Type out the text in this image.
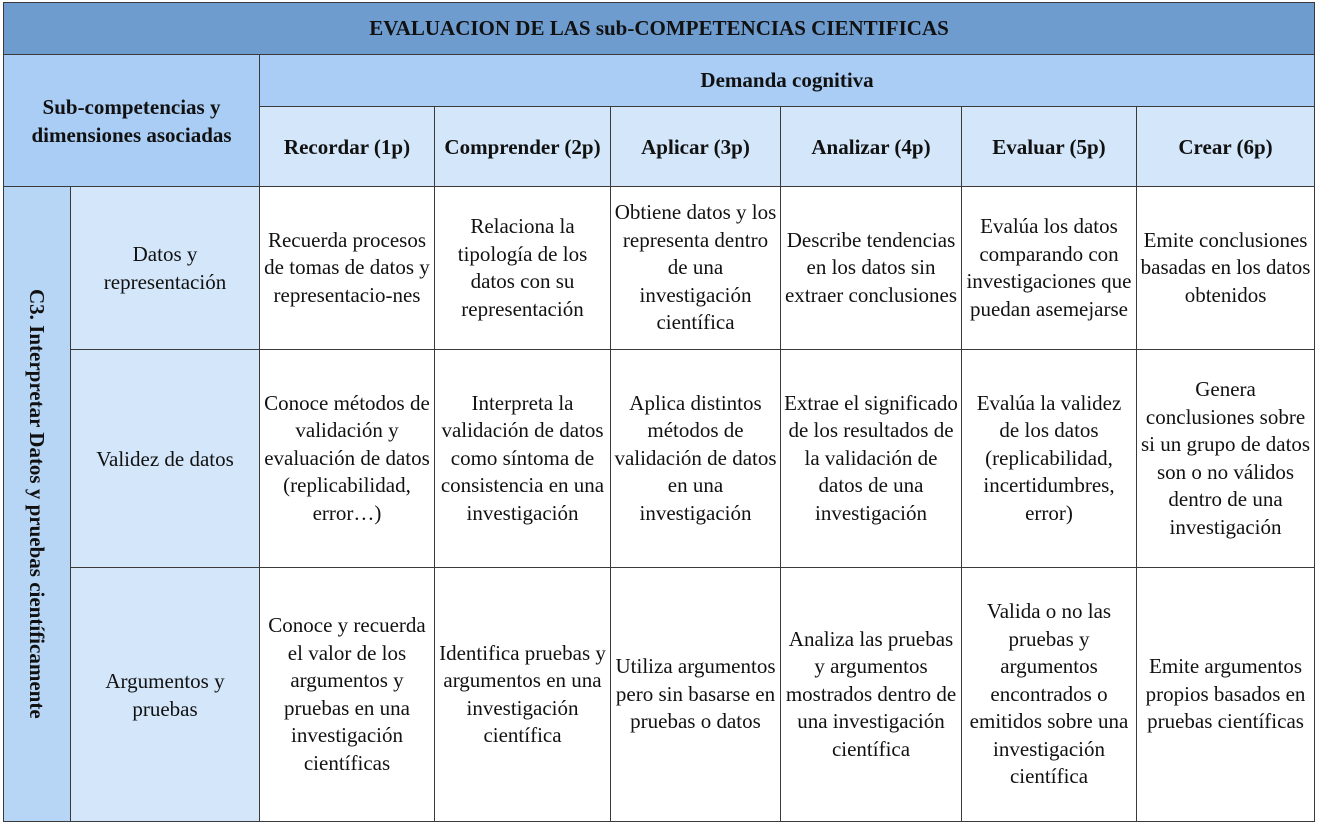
EVALUACION DE LAS sub-COMPETENCIAS CIENTIFICAS							
Sub-competencias y dimensiones asociadas		Demanda cognitiva					
		Recordar (1p)	Comprender (2p)	Aplicar (3p)	Analizar (4p)	Evaluar (5p)	Crear (6p)

C3. Interpretar Datos y pruebas científicamente	Datos y representación	Recuerda procesos de tomas de datos y representacio-nes	Relaciona la tipología de los datos con su representación	Obtiene datos y los representa dentro de una investigación científica	Describe tendencias en los datos sin extraer conclusiones	Evalúa los datos comparando con investigaciones que puedan asemejarse	Emite conclusiones basadas en los datos obtenidos
	Validez de datos	Conoce métodos de validación y evaluación de datos (replicabilidad, error…)	Interpreta la validación de datos como síntoma de consistencia en una investigación	Aplica distintos métodos de validación de datos en una investigación	Extrae el significado de los resultados de la validación de datos de una investigación	Evalúa la validez de los datos (replicabilidad, incertidumbres, error)	Genera conclusiones sobre si un grupo de datos son o no válidos dentro de una investigación
	Argumentos y pruebas	Conoce y recuerda el valor de los argumentos y pruebas en una investigación científicas	Identifica pruebas y argumentos en una investigación científica	Utiliza argumentos pero sin basarse en pruebas o datos	Analiza las pruebas y argumentos mostrados dentro de una investigación científica	Valida o no las pruebas y argumentos encontrados o emitidos sobre una investigación científica	Emite argumentos propios basados en pruebas científicas
